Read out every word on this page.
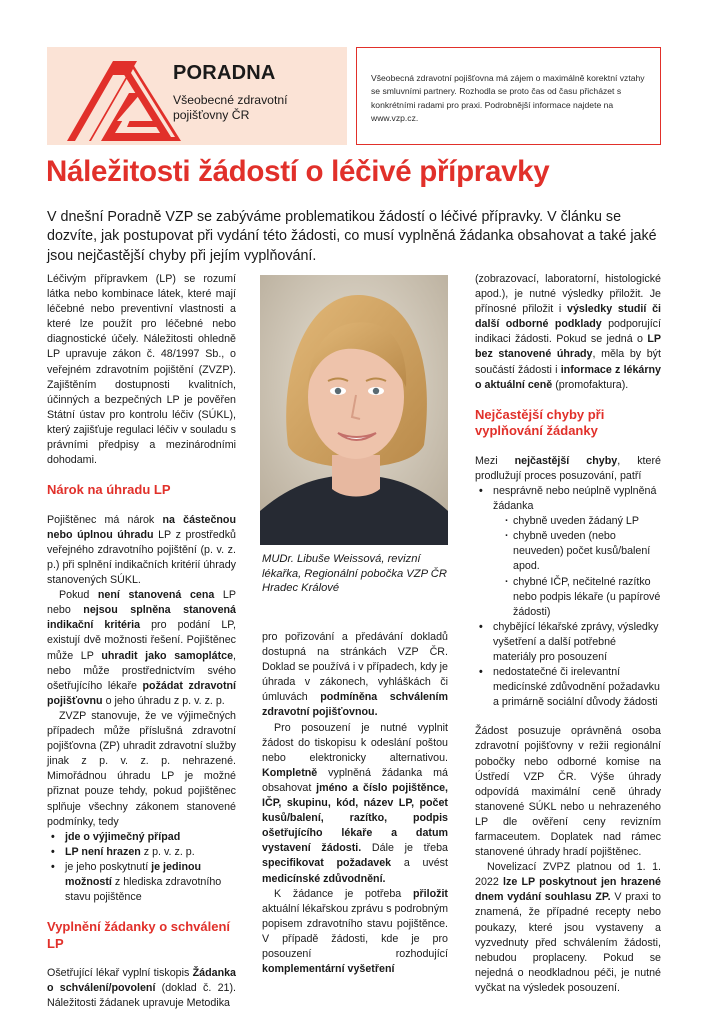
PORADNA
Všeobecné zdravotní pojišťovny ČR
Všeobecná zdravotní pojišťovna má zájem o maximálně korektní vztahy se smluvními partnery. Rozhodla se proto čas od času přicházet s konkrétními radami pro praxi. Podrobnější informace najdete na www.vzp.cz.
Náležitosti žádostí o léčivé přípravky
V dnešní Poradně VZP se zabýváme problematikou žádostí o léčivé přípravky. V článku se dozvíte, jak postupovat při vydání této žádosti, co musí vyplněná žádanka obsahovat a také jaké jsou nejčastější chyby při jejím vyplňování.

Léčivým přípravkem (LP) se rozumí látka nebo kombinace látek, které mají léčebné nebo preventivní vlastnosti a které lze použít pro léčebné nebo diagnostické účely. Náležitosti ohledně LP upravuje zákon č. 48/1997 Sb., o veřejném zdravotním pojištění (ZVZP). Zajištěním dostupnosti kvalitních, účinných a bezpečných LP je pověřen Státní ústav pro kontrolu léčiv (SÚKL), který zajišťuje regulaci léčiv v souladu s právními předpisy a mezinárodními dohodami.

Nárok na úhradu LP

Pojištěnec má nárok na částečnou nebo úplnou úhradu LP z prostředků veřejného zdravotního pojištění (p. v. z. p.) při splnění indikačních kritérií úhrady stanovených SÚKL.

Pokud není stanovená cena LP nebo nejsou splněna stanovená indikační kritéria pro podání LP, existují dvě možnosti řešení. Pojištěnec může LP uhradit jako samoplátce, nebo může prostřednictvím svého ošetřujícího lékaře požádat zdravotní pojišťovnu o jeho úhradu z p. v. z. p.

ZVZP stanovuje, že ve výjimečných případech může příslušná zdravotní pojišťovna (ZP) uhradit zdravotní služby jinak z p. v. z. p. nehrazené. Mimořádnou úhradu LP je možné přiznat pouze tehdy, pokud pojištěnec splňuje všechny zákonem stanovené podmínky, tedy

• jde o výjimečný případ
• LP není hrazen z p. v. z. p.
• je jeho poskytnutí je jedinou možností z hlediska zdravotního stavu pojištěnce
Vyplnění žádanky o schválení LP

Ošetřující lékař vyplní tiskopis Žádanka o schválení/povolení (doklad č. 21). Náležitosti žádanek upravuje Metodika

MUDr. Libuše Weissová, revizní lékařka, Regionální pobočka VZP ČR Hradec Králové

pro pořizování a předávání dokladů dostupná na stránkách VZP ČR. Doklad se používá i v případech, kdy je úhrada v zákonech, vyhláškách či úmluvách podmíněna schválením zdravotní pojišťovnou.

Pro posouzení je nutné vyplnit žádost do tiskopisu k odeslání poštou nebo elektronicky alternativou. Kompletně vyplněná žádanka má obsahovat jméno a číslo pojištěnce, IČP, skupinu, kód, název LP, počet kusů/balení, razítko, podpis ošetřujícího lékaře a datum vystavení žádosti. Dále je třeba specifikovat požadavek a uvést medicínské zdůvodnění.

K žádance je potřeba přiložit aktuální lékařskou zprávu s podrobným popisem zdravotního stavu pojištěnce. V případě žádosti, kde je pro posouzení rozhodující komplementární vyšetření

(zobrazovací, laboratorní, histologické apod.), je nutné výsledky přiložit. Je přínosné přiložit i výsledky studií či další odborné podklady podporující indikaci žádosti. Pokud se jedná o LP bez stanovené úhrady, měla by být součástí žádosti i informace z lékárny o aktuální ceně (promofaktura).

Nejčastější chyby při vyplňování žádanky

Mezi nejčastější chyby, které prodlužují proces posuzování, patří

• nesprávně nebo neúplně vyplněná žádanka
· chybně uveden žádaný LP
· chybně uveden (nebo neuveden) počet kusů/balení apod.
· chybné IČP, nečitelné razítko nebo podpis lékaře (u papírové žádosti)
• chybějící lékařské zprávy, výsledky vyšetření a další potřebné materiály pro posouzení
• nedostatečné či irelevantní medicínské zdůvodnění požadavku a primárně sociální důvody žádosti

Žádost posuzuje oprávněná osoba zdravotní pojišťovny v režii regionální pobočky nebo odborné komise na Ústředí VZP ČR. Výše úhrady odpovídá maximální ceně úhrady stanovené SÚKL nebo u nehrazeného LP dle ověření ceny revizním farmaceutem. Doplatek nad rámec stanovené úhrady hradí pojištěnec.

Novelizací ZVPZ platnou od 1. 1. 2022 lze LP poskytnout jen hrazené dnem vydání souhlasu ZP. V praxi to znamená, že případné recepty nebo poukazy, které jsou vystaveny a vyzvednuty před schválením žádosti, nebudou proplaceny. Pokud se nejedná o neodkladnou péči, je nutné vyčkat na výsledek posouzení.
